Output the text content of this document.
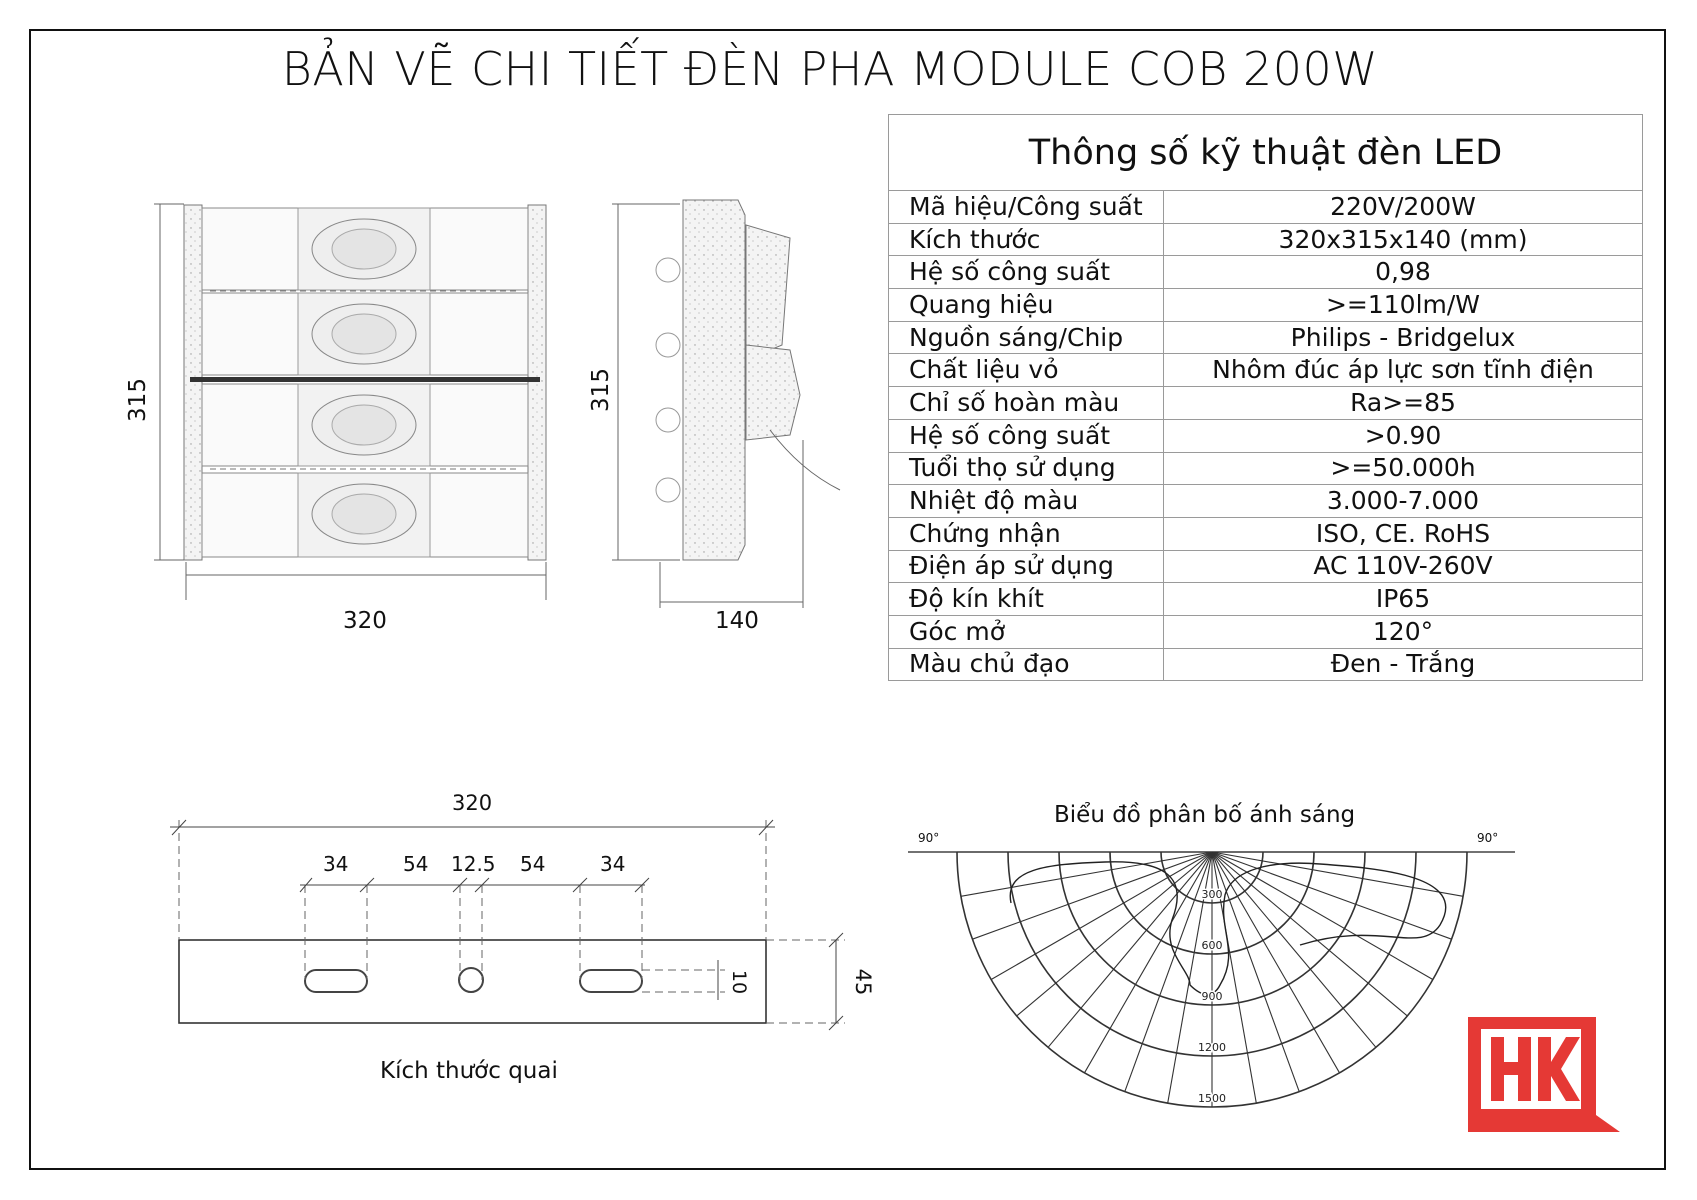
BẢN VẼ CHI TIẾT ĐÈN PHA MODULE COB 200W
Thông số kỹ thuật đèn LED	
Mã hiệu/Công suất	220V/200W
Kích thước	320x315x140 (mm)
Hệ số công suất	0,98
Quang hiệu	>=110lm/W
Nguồn sáng/Chip	Philips - Bridgelux
Chất liệu vỏ	Nhôm đúc áp lực sơn tĩnh điện
Chỉ số hoàn màu	Ra>=85
Hệ số công suất	>0.90
Tuổi thọ sử dụng	>=50.000h
Nhiệt độ màu	3.000-7.000
Chứng nhận	ISO, CE. RoHS
Điện áp sử dụng	AC 110V-260V
Độ kín khít	IP65
Góc mở	120°
Màu chủ đạo	Đen - Trắng
300
600
900
1200
1500
LED
315	315
45
10
320	140
320
34	54 12.5 54	34
Kích thước quai
Biểu đồ phân bố ánh sáng
90°	90°
